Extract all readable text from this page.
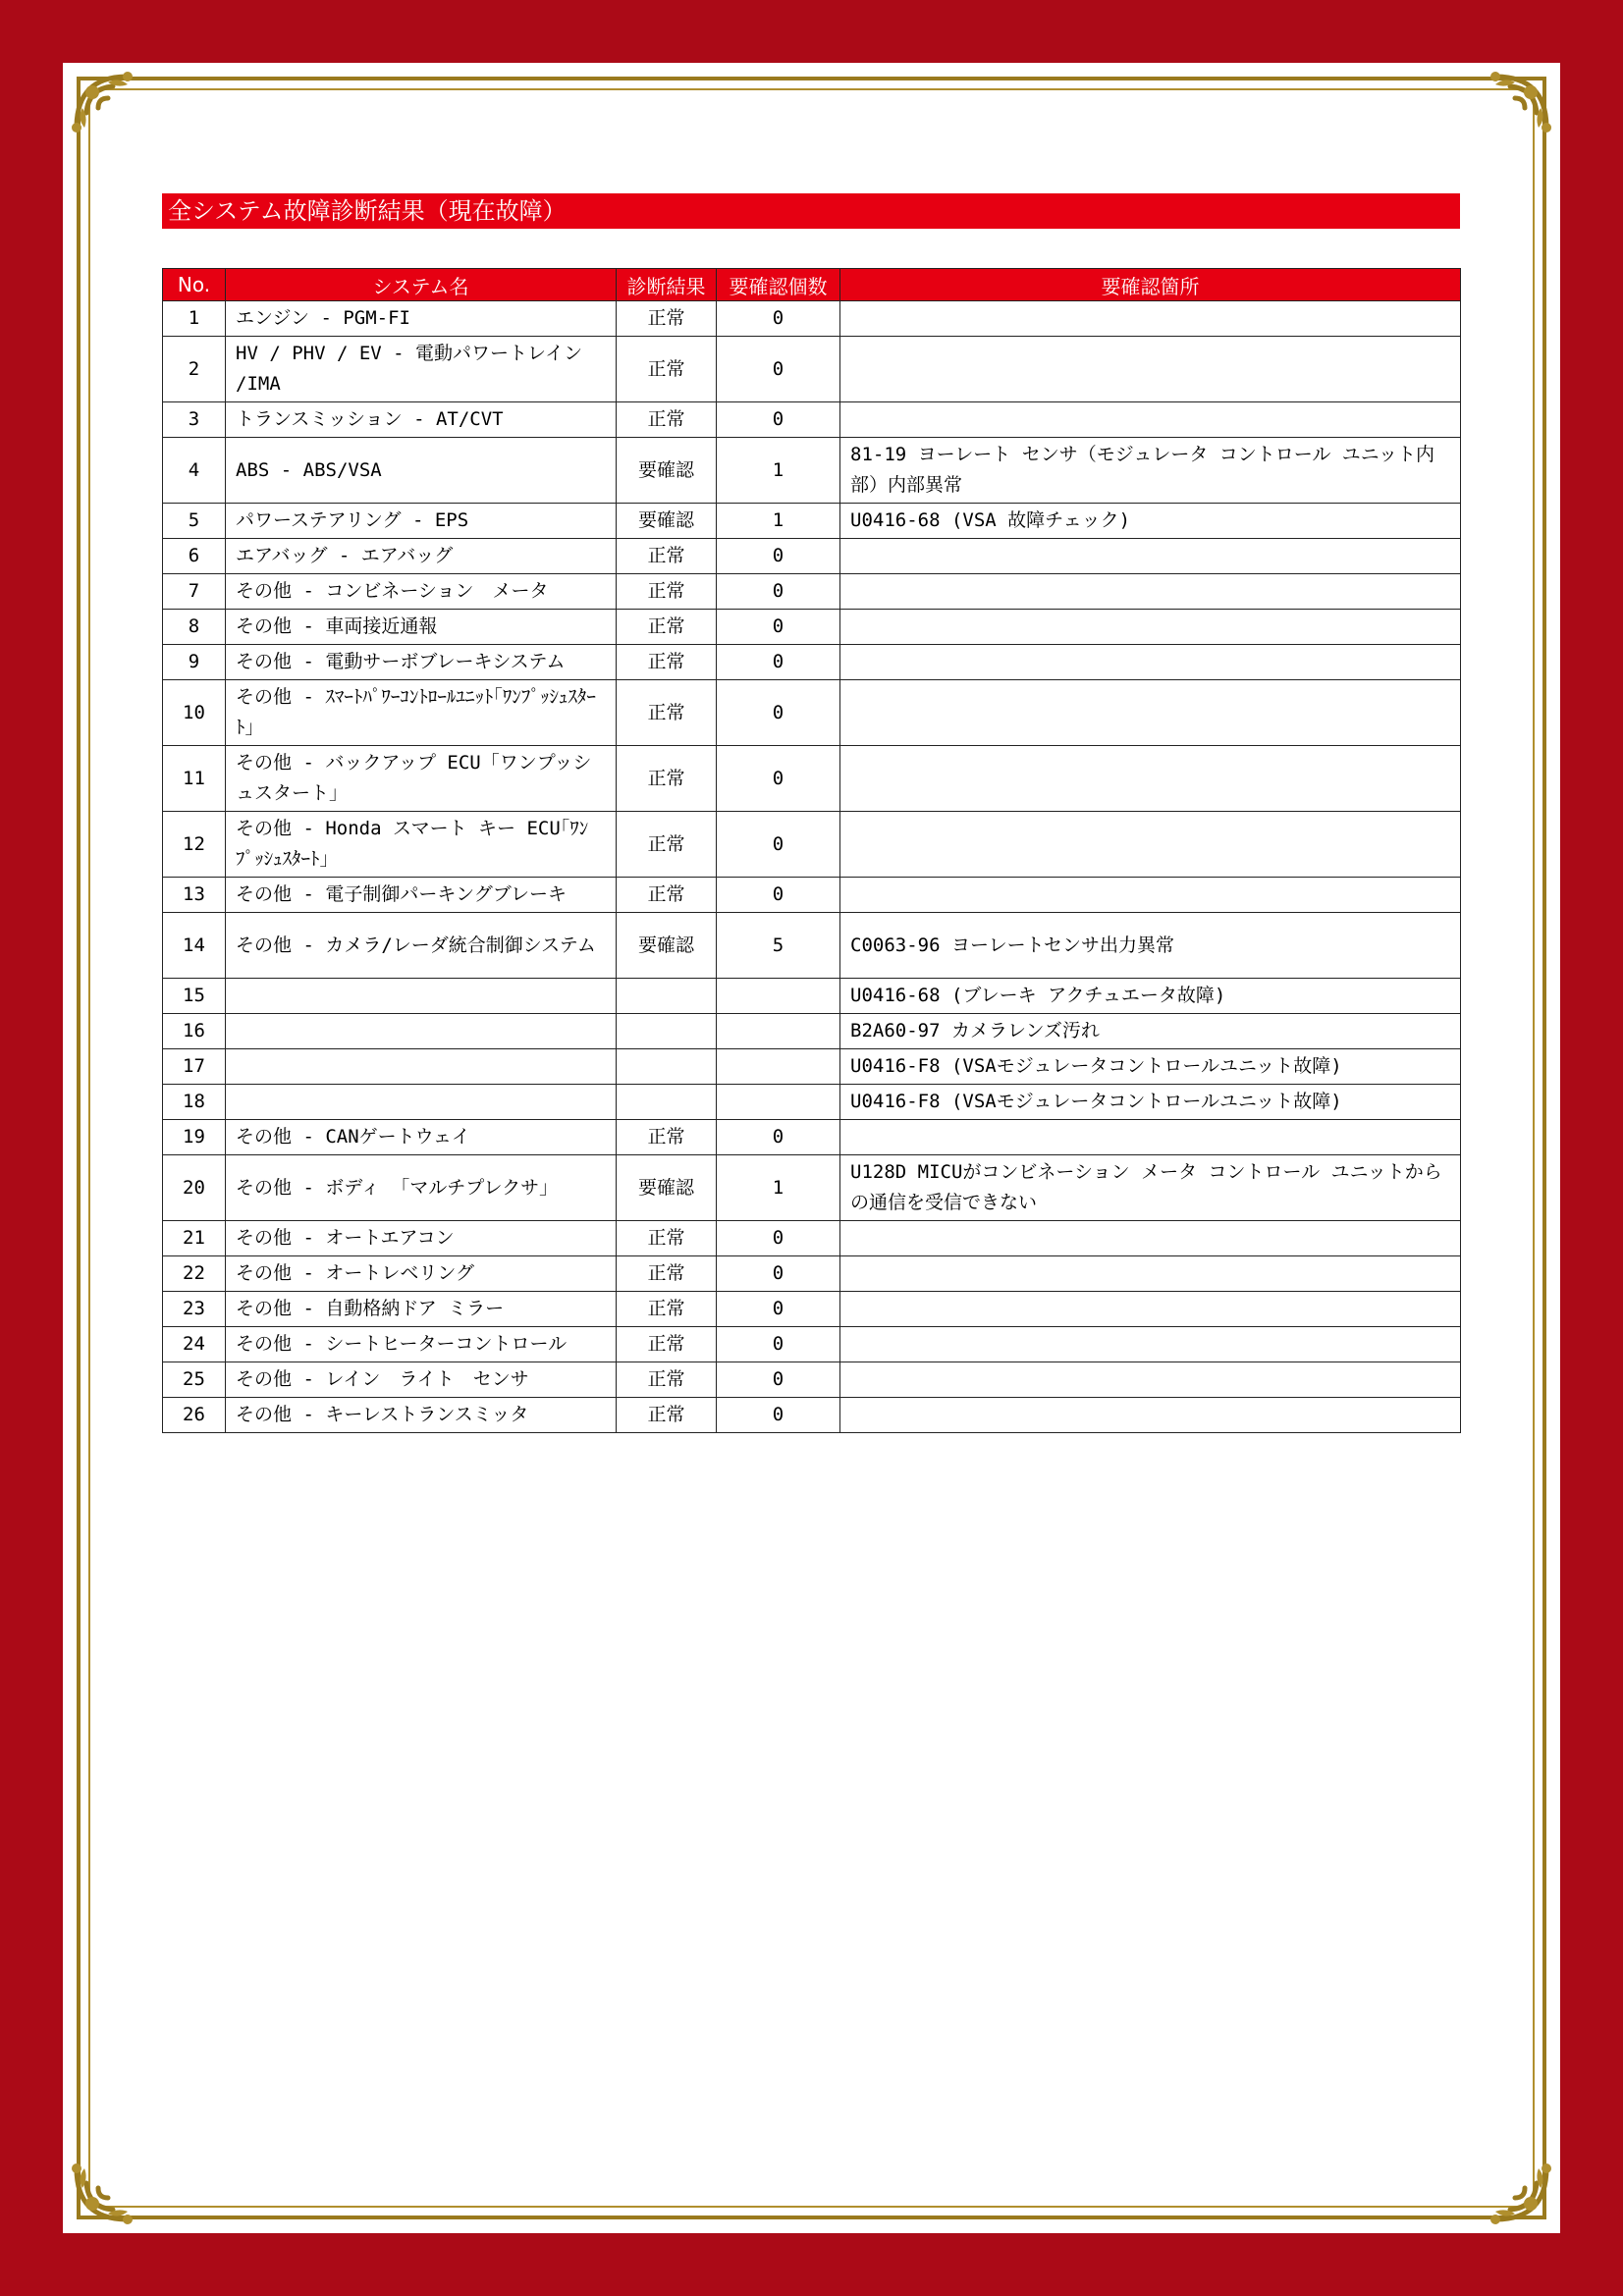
全システム故障診断結果（現在故障）
No.	システム名	診断結果	要確認個数	要確認箇所
1	エンジン - PGM-FI	正常	0	
2	HV / PHV / EV - 電動パワートレイン /IMA	正常	0	
3	トランスミッション - AT/CVT	正常	0	
4	ABS - ABS/VSA	要確認	1	81-19 ヨーレート センサ（モジュレータ コントロール ユニット内部）内部異常
5	パワーステアリング - EPS	要確認	1	U0416-68 (VSA 故障チェック)
6	エアバッグ - エアバッグ	正常	0	
7	その他 - コンビネーション　メータ	正常	0	
8	その他 - 車両接近通報	正常	0	
9	その他 - 電動サーボブレーキシステム	正常	0	
10	その他 - ｽﾏｰﾄﾊﾟﾜｰｺﾝﾄﾛｰﾙﾕﾆｯﾄ｢ﾜﾝﾌﾟｯｼｭｽﾀｰﾄ｣	正常	0	
11	その他 - バックアップ ECU「ワンプッシュスタート」	正常	0	
12	その他 - Honda スマート キー ECU｢ﾜﾝﾌﾟｯｼｭｽﾀｰﾄ｣	正常	0	
13	その他 - 電子制御パーキングブレーキ	正常	0	
14	その他 - カメラ/レーダ統合制御システム	要確認	5	C0063-96 ヨーレートセンサ出力異常
15				U0416-68 (ブレーキ アクチュエータ故障)
16				B2A60-97 カメラレンズ汚れ
17				U0416-F8 (VSAモジュレータコントロールユニット故障)
18				U0416-F8 (VSAモジュレータコントロールユニット故障)
19	その他 - CANゲートウェイ	正常	0	
20	その他 - ボディ 「マルチプレクサ」	要確認	1	U128D MICUがコンビネーション メータ コントロール ユニットからの通信を受信できない
21	その他 - オートエアコン	正常	0	
22	その他 - オートレベリング	正常	0	
23	その他 - 自動格納ドア ミラー	正常	0	
24	その他 - シートヒーターコントロール	正常	0	
25	その他 - レイン　ライト　センサ	正常	0	
26	その他 - キーレストランスミッタ	正常	0	
